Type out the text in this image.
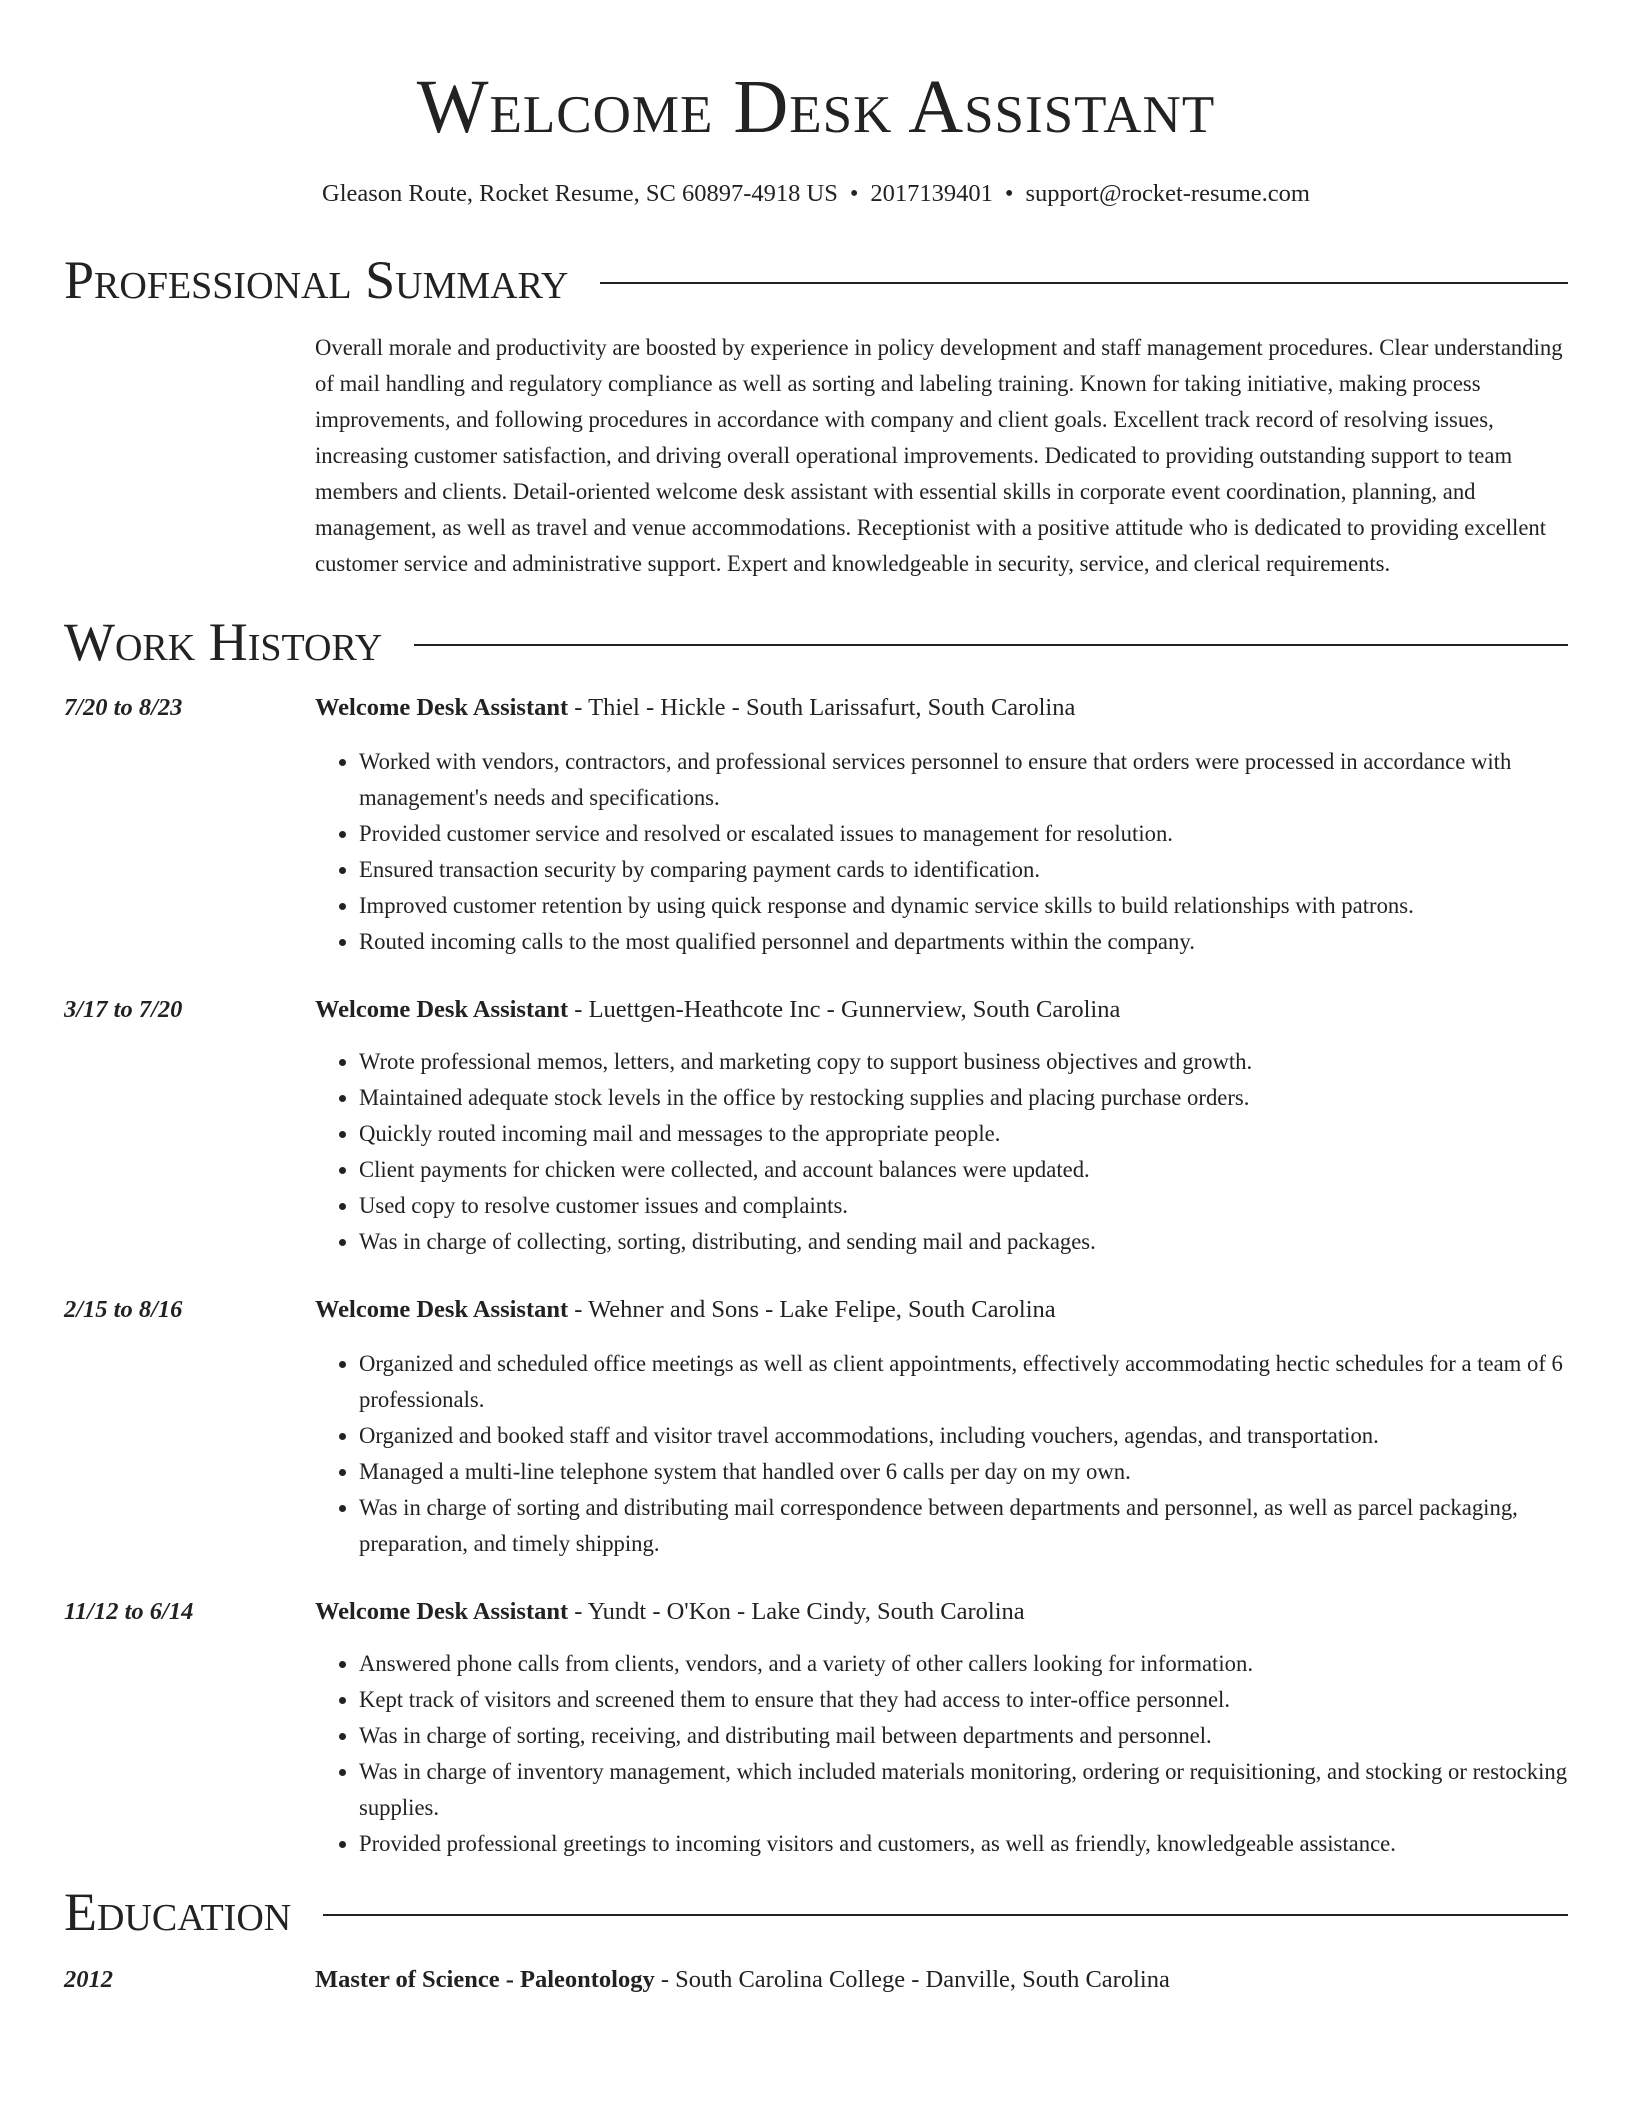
Welcome Desk Assistant
Gleason Route, Rocket Resume, SC 60897-4918 US • 2017139401 • support@rocket-resume.com
Professional Summary
Overall morale and productivity are boosted by experience in policy development and staff management procedures. Clear understanding of mail handling and regulatory compliance as well as sorting and labeling training. Known for taking initiative, making process improvements, and following procedures in accordance with company and client goals. Excellent track record of resolving issues, increasing customer satisfaction, and driving overall operational improvements. Dedicated to providing outstanding support to team members and clients. Detail-oriented welcome desk assistant with essential skills in corporate event coordination, planning, and management, as well as travel and venue accommodations. Receptionist with a positive attitude who is dedicated to providing excellent customer service and administrative support. Expert and knowledgeable in security, service, and clerical requirements.
Work History
7/20 to 8/23	Welcome Desk Assistant - Thiel - Hickle - South Larissafurt, South Carolina
• Worked with vendors, contractors, and professional services personnel to ensure that orders were processed in accordance with management's needs and specifications.
• Provided customer service and resolved or escalated issues to management for resolution.
• Ensured transaction security by comparing payment cards to identification.
• Improved customer retention by using quick response and dynamic service skills to build relationships with patrons.
• Routed incoming calls to the most qualified personnel and departments within the company.
3/17 to 7/20	Welcome Desk Assistant - Luettgen-Heathcote Inc - Gunnerview, South Carolina
• Wrote professional memos, letters, and marketing copy to support business objectives and growth.
• Maintained adequate stock levels in the office by restocking supplies and placing purchase orders.
• Quickly routed incoming mail and messages to the appropriate people.
• Client payments for chicken were collected, and account balances were updated.
• Used copy to resolve customer issues and complaints.
• Was in charge of collecting, sorting, distributing, and sending mail and packages.
2/15 to 8/16	Welcome Desk Assistant - Wehner and Sons - Lake Felipe, South Carolina
• Organized and scheduled office meetings as well as client appointments, effectively accommodating hectic schedules for a team of 6 professionals.
• Organized and booked staff and visitor travel accommodations, including vouchers, agendas, and transportation.
• Managed a multi-line telephone system that handled over 6 calls per day on my own.
• Was in charge of sorting and distributing mail correspondence between departments and personnel, as well as parcel packaging, preparation, and timely shipping.
11/12 to 6/14	Welcome Desk Assistant - Yundt - O'Kon - Lake Cindy, South Carolina
• Answered phone calls from clients, vendors, and a variety of other callers looking for information.
• Kept track of visitors and screened them to ensure that they had access to inter-office personnel.
• Was in charge of sorting, receiving, and distributing mail between departments and personnel.
• Was in charge of inventory management, which included materials monitoring, ordering or requisitioning, and stocking or restocking supplies.
• Provided professional greetings to incoming visitors and customers, as well as friendly, knowledgeable assistance.
Education
2012	Master of Science - Paleontology - South Carolina College - Danville, South Carolina
